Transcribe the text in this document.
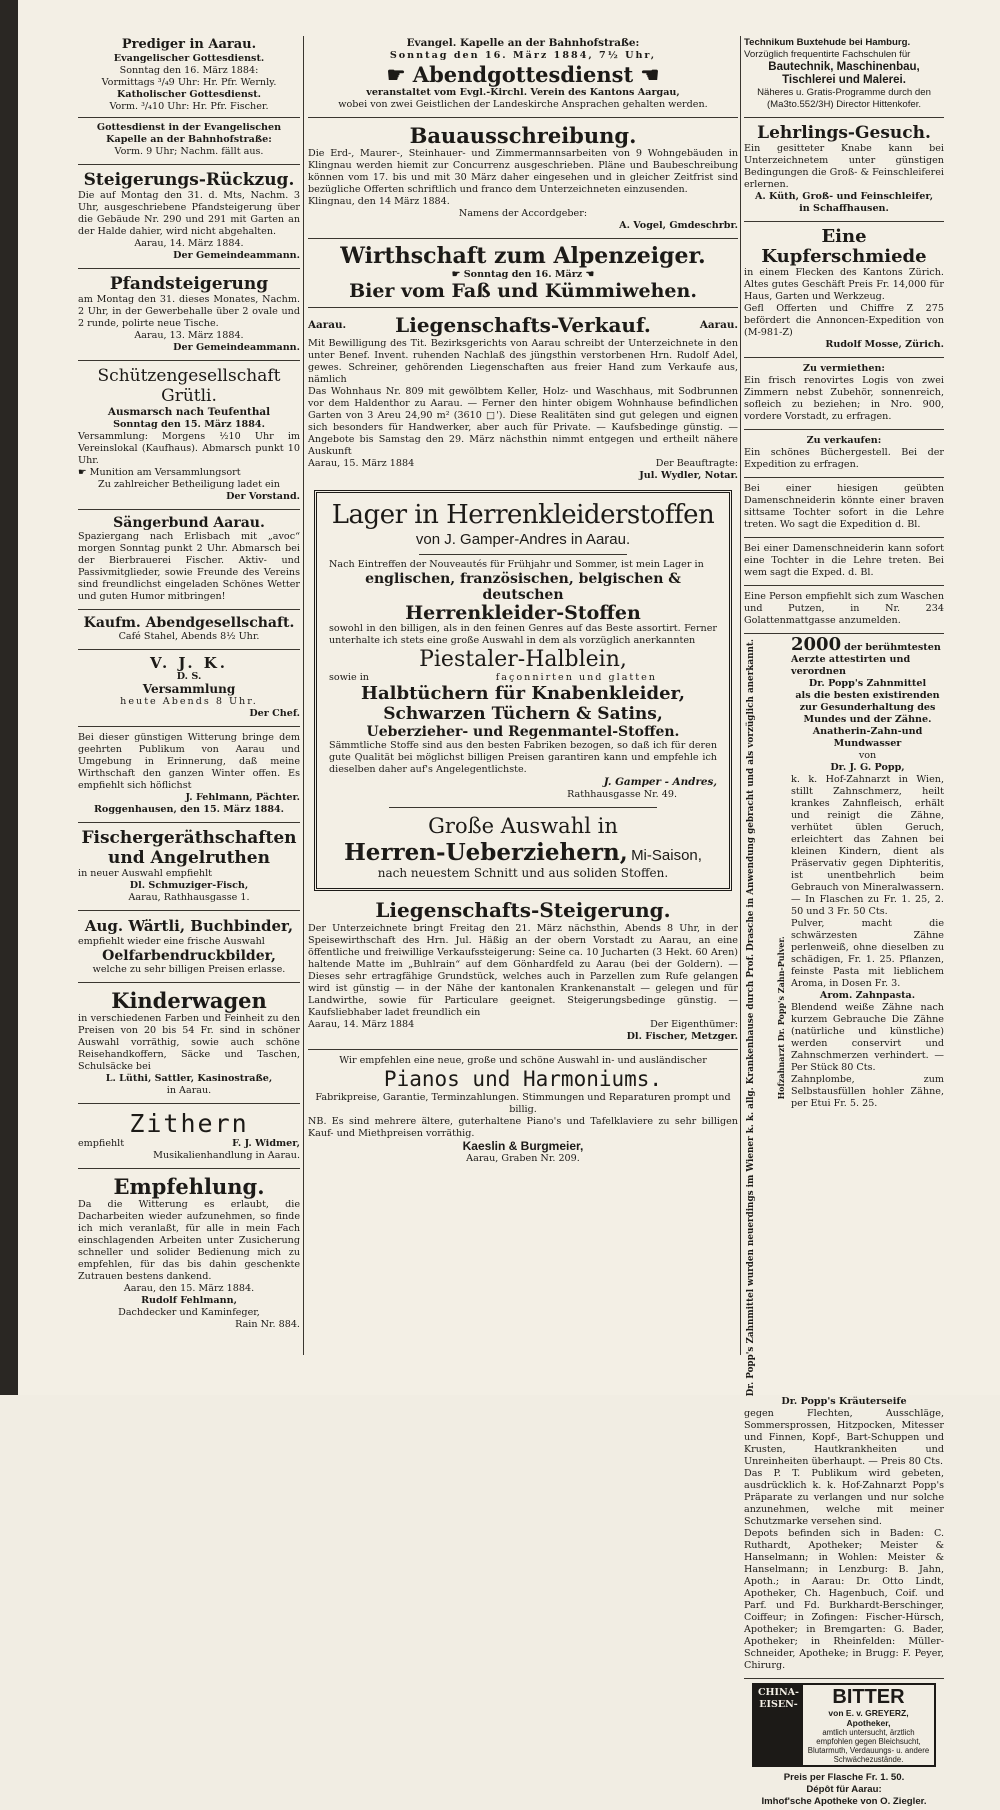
Prediger in Aarau.
Evangelischer Gottesdienst.
Sonntag den 16. März 1884:
Vormittags ³/₄9 Uhr: Hr. Pfr. Wernly.
Katholischer Gottesdienst.
Vorm. ³/₄10 Uhr: Hr. Pfr. Fischer.
Gottesdienst in der Evangelischen Kapelle an der Bahnhofstraße:
Vorm. 9 Uhr; Nachm. fällt aus.
Steigerungs-Rückzug.
Die auf Montag den 31. d. Mts, Nachm. 3 Uhr, ausgeschriebene Pfandsteigerung über die Gebäude Nr. 290 und 291 mit Garten an der Halde dahier, wird nicht abgehalten.
Aarau, 14. März 1884.
Der Gemeindeammann.
Pfandsteigerung
am Montag den 31. dieses Monates, Nachm. 2 Uhr, in der Gewerbehalle über 2 ovale und 2 runde, polirte neue Tische.
Aarau, 13. März 1884.
Der Gemeindeammann.
Schützengesellschaft Grütli.
Ausmarsch nach Teufenthal
Sonntag den 15. März 1884.
Versammlung: Morgens ½10 Uhr im Vereinslokal (Kaufhaus). Abmarsch punkt 10 Uhr.
☛ Munition am Versammlungsort
Zu zahlreicher Betheiligung ladet ein
Der Vorstand.
Sängerbund Aarau.
Spaziergang nach Erlisbach mit „avoc“ morgen Sonntag punkt 2 Uhr. Abmarsch bei der Bierbrauerei Fischer. Aktiv- und Passivmitglieder, sowie Freunde des Vereins sind freundlichst eingeladen Schönes Wetter und guten Humor mitbringen!
Kaufm. Abendgesellschaft.
Café Stahel, Abends 8½ Uhr.
V. J. K.
D. S.
Versammlung
heute Abends 8 Uhr.
Der Chef.
Bei dieser günstigen Witterung bringe dem geehrten Publikum von Aarau und Umgebung in Erinnerung, daß meine Wirthschaft den ganzen Winter offen. Es empfiehlt sich höflichst
J. Fehlmann, Pächter.
Roggenhausen, den 15. März 1884.
Fischergeräthschaften
und Angelruthen
in neuer Auswahl empfiehlt
Dl. Schmuziger-Fisch,
Aarau, Rathhausgasse 1.
Aug. Wärtli, Buchbinder,
empfiehlt wieder eine frische Auswahl
Oelfarbendruckbilder,
welche zu sehr billigen Preisen erlasse.
Kinderwagen
in verschiedenen Farben und Feinheit zu den Preisen von 20 bis 54 Fr. sind in schöner Auswahl vorräthig, sowie auch schöne Reisehandkoffern, Säcke und Taschen, Schulsäcke bei
L. Lüthi, Sattler, Kasinostraße,
in Aarau.
Zithern
empfiehlt	F. J. Widmer,
Musikalienhandlung in Aarau.
Empfehlung.
Da die Witterung es erlaubt, die Dacharbeiten wieder aufzunehmen, so finde ich mich veranlaßt, für alle in mein Fach einschlagenden Arbeiten unter Zusicherung schneller und solider Bedienung mich zu empfehlen, für das bis dahin geschenkte Zutrauen bestens dankend.
Aarau, den 15. März 1884.
Rudolf Fehlmann,
Dachdecker und Kaminfeger,
Rain Nr. 884.
Evangel. Kapelle an der Bahnhofstraße:
Sonntag den 16. März 1884, 7½ Uhr,
☛ Abendgottesdienst ☚
veranstaltet vom Evgl.-Kirchl. Verein des Kantons Aargau,
wobei von zwei Geistlichen der Landeskirche Ansprachen gehalten werden.
Bauausschreibung.
Die Erd-, Maurer-, Steinhauer- und Zimmermannsarbeiten von 9 Wohngebäuden in Klingnau werden hiemit zur Concurrenz ausgeschrieben. Pläne und Baubeschreibung können vom 17. bis und mit 30 März daher eingesehen und in gleicher Zeitfrist sind bezügliche Offerten schriftlich und franco dem Unterzeichneten einzusenden.
Klingnau, den 14 März 1884.
Namens der Accordgeber:
A. Vogel, Gmdeschrbr.
Wirthschaft zum Alpenzeiger.
☛ Sonntag den 16. März ☚
Bier vom Faß und Kümmiwehen.
Aarau. Liegenschafts-Verkauf.	Aarau.
Mit Bewilligung des Tit. Bezirksgerichts von Aarau schreibt der Unterzeichnete in den unter Benef. Invent. ruhenden Nachlaß des jüngsthin verstorbenen Hrn. Rudolf Adel, gewes. Schreiner, gehörenden Liegenschaften aus freier Hand zum Verkaufe aus, nämlich
Das Wohnhaus Nr. 809 mit gewölbtem Keller, Holz- und Waschhaus, mit Sodbrunnen vor dem Haldenthor zu Aarau. — Ferner den hinter obigem Wohnhause befindlichen Garten von 3 Areu 24,90 m² (3610 □'). Diese Realitäten sind gut gelegen und eignen sich besonders für Handwerker, aber auch für Private. — Kaufsbedinge günstig. — Angebote bis Samstag den 29. März nächsthin nimmt entgegen und ertheilt nähere Auskunft
Aarau, 15. März 1884	Der Beauftragte:
Jul. Wydler, Notar.
Lager in Herrenkleiderstoffen
von J. Gamper-Andres in Aarau.
Nach Eintreffen der Nouveautés für Frühjahr und Sommer, ist mein Lager in
englischen, französischen, belgischen & deutschen
Herrenkleider-Stoffen
sowohl in den billigen, als in den feinen Genres auf das Beste assortirt. Ferner unterhalte ich stets eine große Auswahl in dem als vorzüglich anerkannten
Piestaler-Halblein,
sowie in	façonnirten und glatten
Halbtüchern für Knabenkleider,
Schwarzen Tüchern & Satins,
Ueberzieher- und Regenmantel-Stoffen.
Sämmtliche Stoffe sind aus den besten Fabriken bezogen, so daß ich für deren gute Qualität bei möglichst billigen Preisen garantiren kann und empfehle ich dieselben daher auf's Angelegentlichste.
J. Gamper - Andres,
Rathhausgasse Nr. 49.
Große Auswahl in
Herren-Ueberziehern, Mi-Saison,
nach neuestem Schnitt und aus soliden Stoffen.
Liegenschafts-Steigerung.
Der Unterzeichnete bringt Freitag den 21. März nächsthin, Abends 8 Uhr, in der Speisewirthschaft des Hrn. Jul. Häßig an der obern Vorstadt zu Aarau, an eine öffentliche und freiwillige Verkaufssteigerung: Seine ca. 10 Jucharten (3 Hekt. 60 Aren) haltende Matte im „Buhlrain“ auf dem Gönhardfeld zu Aarau (bei der Goldern). — Dieses sehr ertragfähige Grundstück, welches auch in Parzellen zum Rufe gelangen wird ist günstig — in der Nähe der kantonalen Krankenanstalt — gelegen und für Landwirthe, sowie für Particulare geeignet. Steigerungsbedinge günstig. — Kaufsliebhaber ladet freundlich ein
Aarau, 14. März 1884	Der Eigenthümer:
Dl. Fischer, Metzger.
Wir empfehlen eine neue, große und schöne Auswahl in- und ausländischer
Pianos und Harmoniums.
Fabrikpreise, Garantie, Terminzahlungen. Stimmungen und Reparaturen prompt und billig.
NB. Es sind mehrere ältere, guterhaltene Piano's und Tafelklaviere zu sehr billigen Kauf- und Miethpreisen vorräthig.
Kaeslin & Burgmeier,
Aarau, Graben Nr. 209.
Technikum Buxtehude bei Hamburg.
Vorzüglich frequentirte Fachschulen für
Bautechnik, Maschinenbau,
Tischlerei und Malerei.
Näheres u. Gratis-Programme durch den (Ma3to.552/3H) Director Hittenkofer.
Lehrlings-Gesuch.
Ein gesitteter Knabe kann bei Unterzeichnetem unter günstigen Bedingungen die Groß- & Feinschleiferei erlernen.
A. Küth, Groß- und Feinschleifer,
in Schaffhausen.
Eine Kupferschmiede
in einem Flecken des Kantons Zürich. Altes gutes Geschäft Preis Fr. 14,000 für Haus, Garten und Werkzeug.
Gefl Offerten und Chiffre Z 275 befördert die Annoncen-Expedition von (M-981-Z)
Rudolf Mosse, Zürich.
Zu vermiethen:
Ein frisch renovirtes Logis von zwei Zimmern nebst Zubehör, sonnenreich, sofleich zu beziehen; in Nro. 900, vordere Vorstadt, zu erfragen.
Zu verkaufen:
Ein schönes Büchergestell. Bei der Expedition zu erfragen.
Bei einer hiesigen geübten Damenschneiderin könnte einer braven sittsame Tochter sofort in die Lehre treten. Wo sagt die Expedition d. Bl.
Bei einer Damenschneiderin kann sofort eine Tochter in die Lehre treten. Bei wem sagt die Exped. d. Bl.
Eine Person empfiehlt sich zum Waschen und Putzen, in Nr. 234 Golattenmattgasse anzumelden.
Dr. Popp's Zahnmittel wurden neuerdings im Wiener k. k. allg. Krankenhause durch Prof. Drasche in Anwendung gebracht und als vorzüglich anerkannt.	Hofzahnarzt Dr. Popp's Zahn-Pulver.
2000 der berühmtesten Aerzte attestirten und verordnen
Dr. Popp's Zahnmittel
als die besten existirenden zur Gesunderhaltung des Mundes und der Zähne.
Anatherin-Zahn-und Mundwasser
von
Dr. J. G. Popp,
k. k. Hof-Zahnarzt in Wien, stillt Zahnschmerz, heilt krankes Zahnfleisch, erhält und reinigt die Zähne, verhütet üblen Geruch, erleichtert das Zahnen bei kleinen Kindern, dient als Präservativ gegen Diphteritis, ist unentbehrlich beim Gebrauch von Mineralwassern. — In Flaschen zu Fr. 1. 25, 2. 50 und 3 Fr. 50 Cts.
Pulver, macht die schwärzesten Zähne perlenweiß, ohne dieselben zu schädigen, Fr. 1. 25. Pflanzen, feinste Pasta mit lieblichem Aroma, in Dosen Fr. 3.
Arom. Zahnpasta.
Blendend weiße Zähne nach kurzem Gebrauche Die Zähne (natürliche und künstliche) werden conservirt und Zahnschmerzen verhindert. — Per Stück 80 Cts.
Zahnplombe, zum Selbstausfüllen hohler Zähne, per Etui Fr. 5. 25.
Dr. Popp's Kräuterseife
gegen Flechten, Ausschläge, Sommersprossen, Hitzpocken, Mitesser und Finnen, Kopf-, Bart-Schuppen und Krusten, Hautkrankheiten und Unreinheiten überhaupt. — Preis 80 Cts.
Das P. T. Publikum wird gebeten, ausdrücklich k. k. Hof-Zahnarzt Popp's Präparate zu verlangen und nur solche anzunehmen, welche mit meiner Schutzmarke versehen sind.
Depots befinden sich in Baden: C. Ruthardt, Apotheker; Meister & Hanselmann; in Wohlen: Meister & Hanselmann; in Lenzburg: B. Jahn, Apoth.; in Aarau: Dr. Otto Lindt, Apotheker, Ch. Hagenbuch, Coif. und Parf. und Fd. Burkhardt-Berschinger, Coiffeur; in Zofingen: Fischer-Hürsch, Apotheker; in Bremgarten: G. Bader, Apotheker; in Rheinfelden: Müller-Schneider, Apotheke; in Brugg: F. Peyer, Chirurg.
CHINA-
EISEN-	BITTER
von E. v. GREYERZ, Apotheker,
amtlich untersucht, ärztlich empfohlen gegen Bleichsucht, Blutarmuth, Verdauungs- u. andere Schwächezustände.
Preis per Flasche Fr. 1. 50.
Dépôt für Aarau:
Imhof'sche Apotheke von O. Ziegler.
